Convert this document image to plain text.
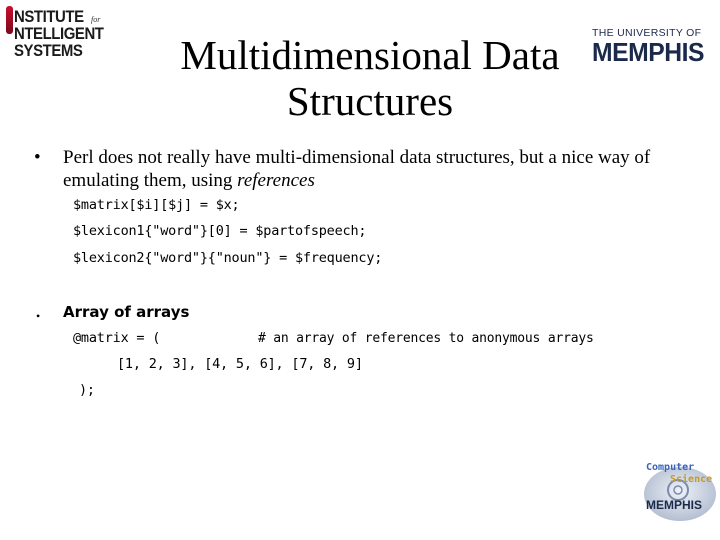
NSTITUTE for
NTELLIGENT
SYSTEMS
THE UNIVERSITY OF
MEMPHIS
Multidimensional Data
Structures
• Perl does not really have multi-dimensional data structures, but a nice way of emulating them, using references
$matrix[$i][$j] = $x;
$lexicon1{"word"}[0] = $partofspeech;
$lexicon2{"word"}{"noun"} = $frequency;
• Array of arrays
@matrix = (	# an array of references to anonymous arrays
[1, 2, 3], [4, 5, 6], [7, 8, 9]
);
Computer
Science
MEMPHIS
